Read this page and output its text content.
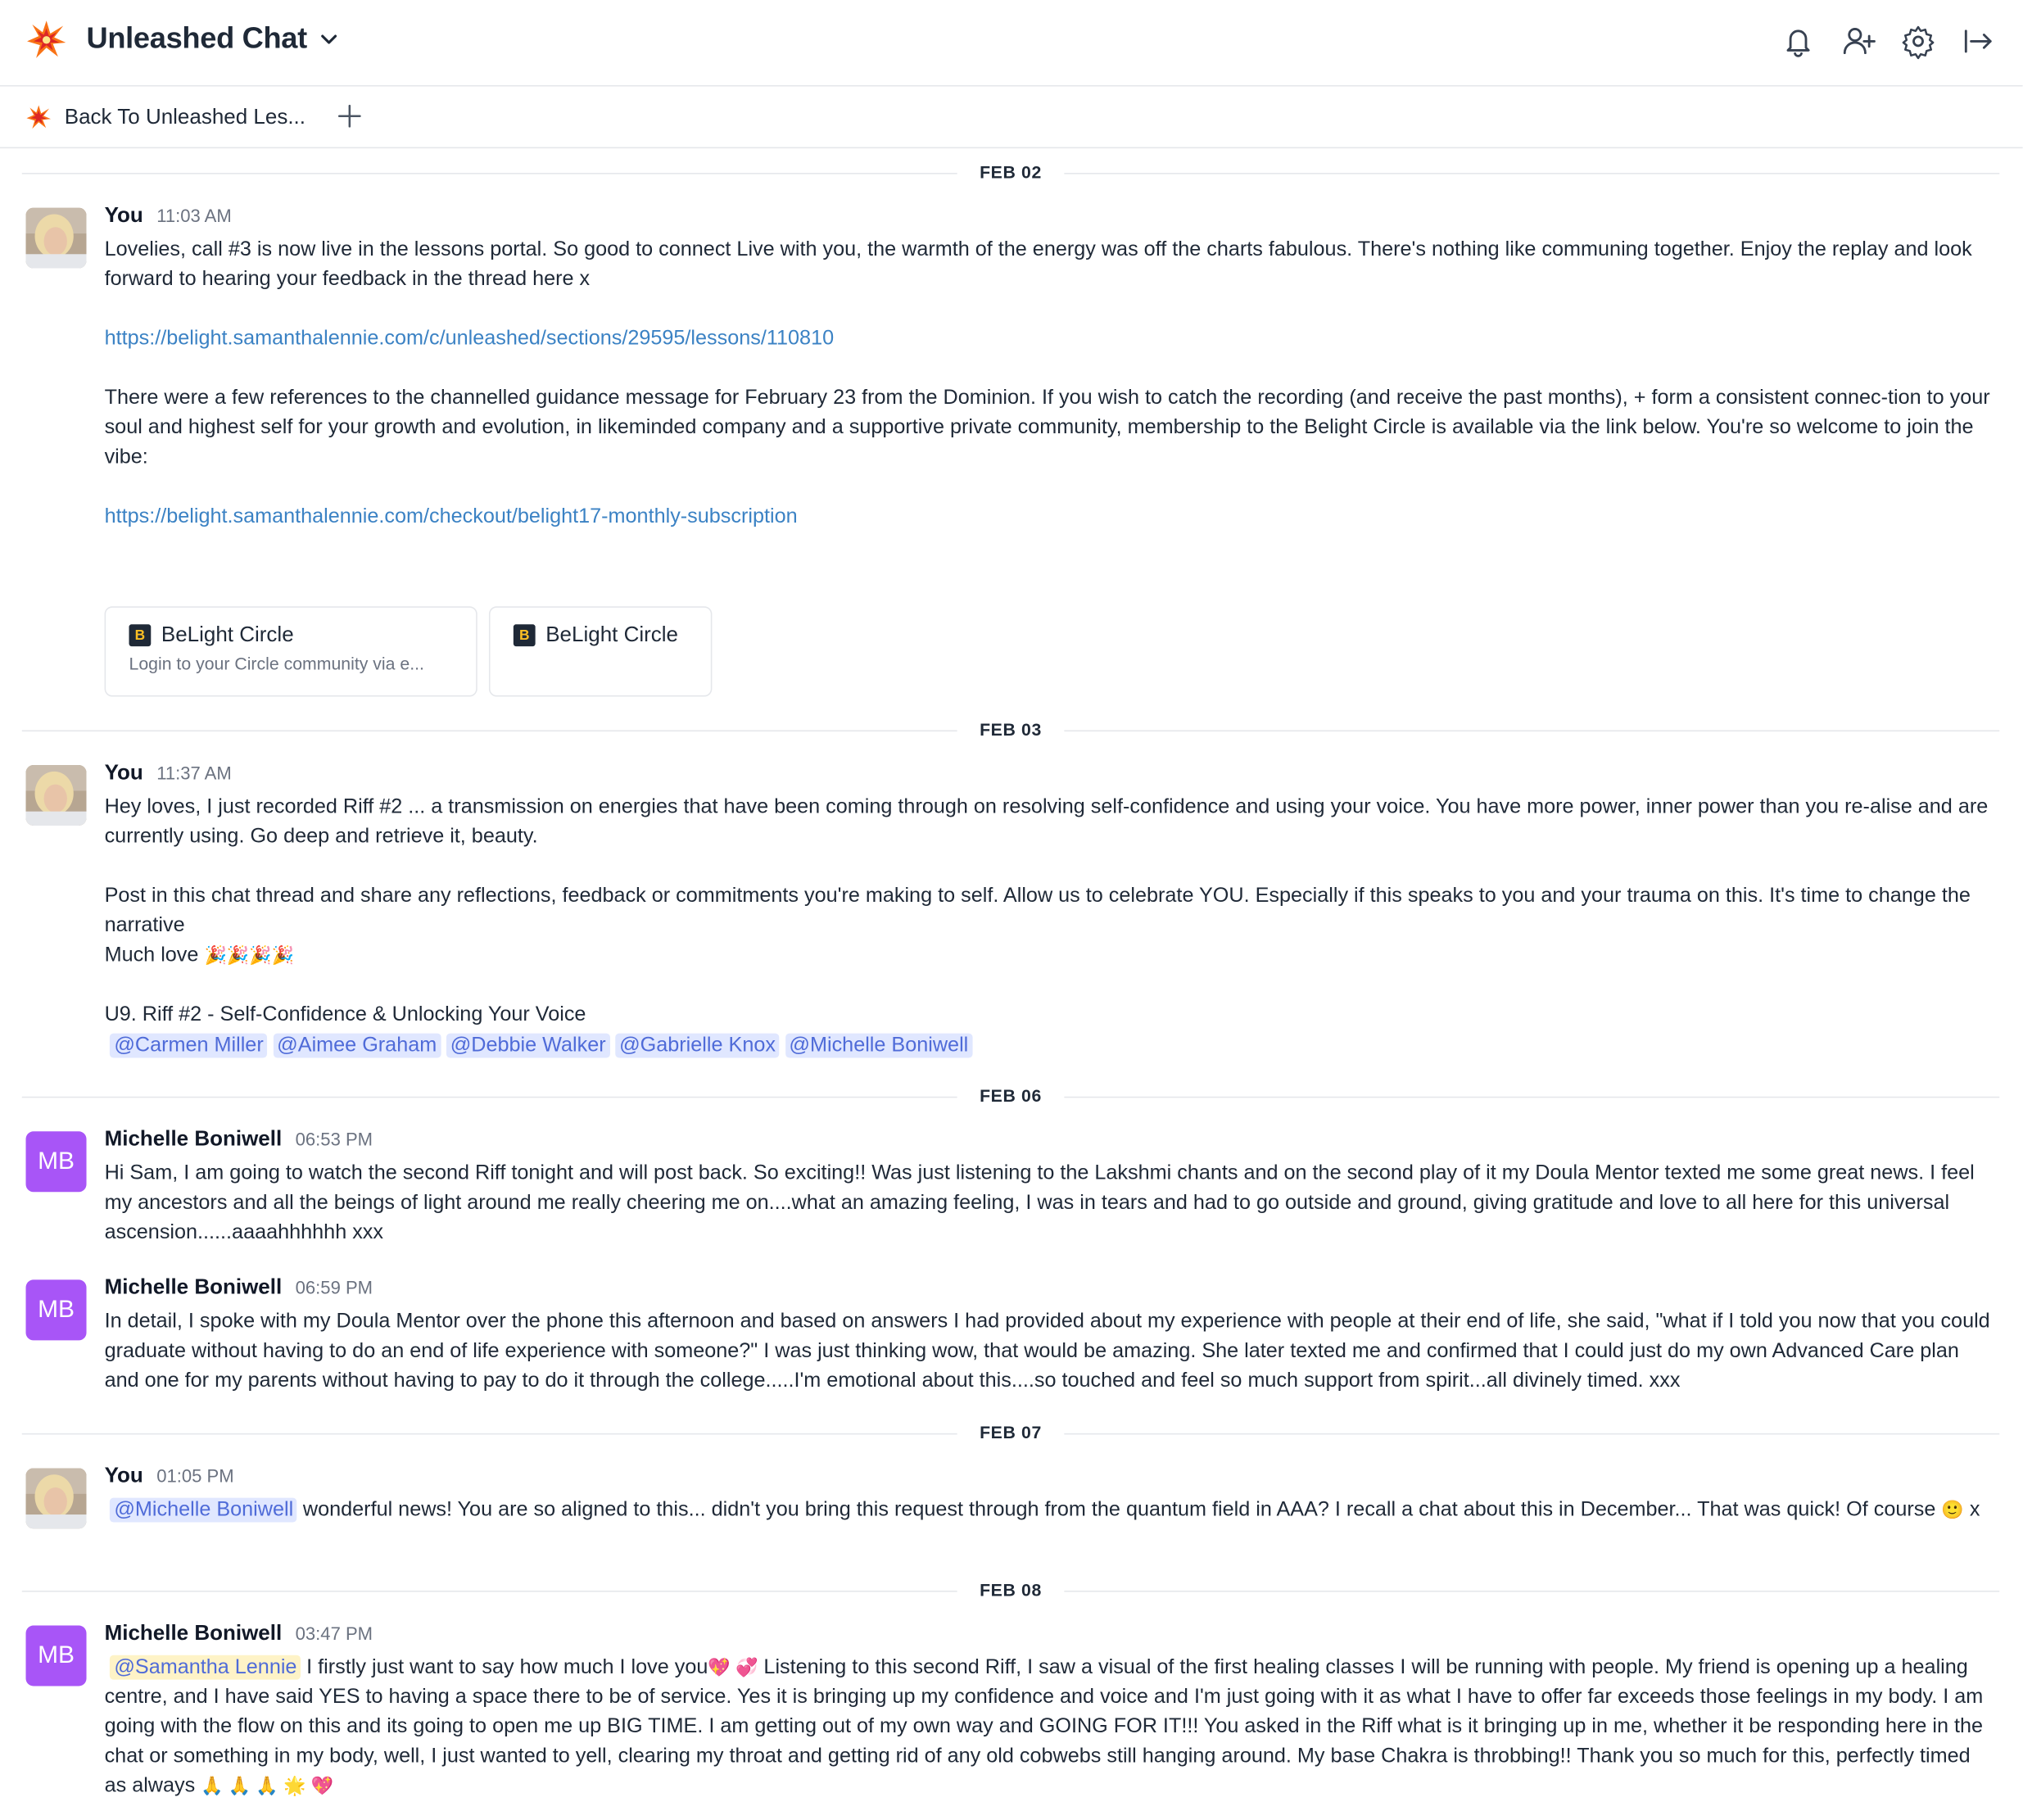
Unleashed Chat
Back To Unleashed Les...
FEB 02
You 11:03 AM

Lovelies, call #3 is now live in the lessons portal. So good to connect Live with you, the warmth of the energy was off the charts fabulous. There's nothing like communing together. Enjoy the replay and look forward to hearing your feedback in the thread here x

https://belight.samanthalennie.com/c/unleashed/sections/29595/lessons/110810

There were a few references to the channelled guidance message for February 23 from the Dominion. If you wish to catch the recording (and receive the past months), + form a consistent connec-tion to your soul and highest self for your growth and evolution, in likeminded company and a supportive private community, membership to the Belight Circle is available via the link below. You're so welcome to join the vibe:

https://belight.samanthalennie.com/checkout/belight17-monthly-subscription

B	BeLight Circle
Login to your Circle community via e...
B	BeLight Circle
FEB 03
You 11:37 AM

Hey loves, I just recorded Riff #2 ... a transmission on energies that have been coming through on resolving self-confidence and using your voice. You have more power, inner power than you re-alise and are currently using. Go deep and retrieve it, beauty.

Post in this chat thread and share any reflections, feedback or commitments you're making to self. Allow us to celebrate YOU. Especially if this speaks to you and your trauma on this. It's time to change the narrative

Much love 🎉🎉🎉🎉

U9. Riff #2 - Self-Confidence & Unlocking Your Voice

@Carmen Miller @Aimee Graham @Debbie Walker @Gabrielle Knox @Michelle Boniwell

FEB 06
MB
Michelle Boniwell 06:53 PM

Hi Sam, I am going to watch the second Riff tonight and will post back. So exciting!! Was just listening to the Lakshmi chants and on the second play of it my Doula Mentor texted me some great news. I feel my ancestors and all the beings of light around me really cheering me on....what an amazing feeling, I was in tears and had to go outside and ground, giving gratitude and love to all here for this universal ascension......aaaahhhhhh xxx

MB
Michelle Boniwell 06:59 PM

In detail, I spoke with my Doula Mentor over the phone this afternoon and based on answers I had provided about my experience with people at their end of life, she said, "what if I told you now that you could graduate without having to do an end of life experience with someone?" I was just thinking wow, that would be amazing. She later texted me and confirmed that I could just do my own Advanced Care plan and one for my parents without having to pay to do it through the college.....I'm emotional about this....so touched and feel so much support from spirit...all divinely timed. xxx

FEB 07
You 01:05 PM

@Michelle Boniwell wonderful news! You are so aligned to this... didn't you bring this request through from the quantum field in AAA? I recall a chat about this in December... That was quick! Of course 🙂 x

FEB 08
MB
Michelle Boniwell 03:47 PM

@Samantha Lennie I firstly just want to say how much I love you💖 💞 Listening to this second Riff, I saw a visual of the first healing classes I will be running with people. My friend is opening up a healing centre, and I have said YES to having a space there to be of service. Yes it is bringing up my confidence and voice and I'm just going with it as what I have to offer far exceeds those feelings in my body. I am going with the flow on this and its going to open me up BIG TIME. I am getting out of my own way and GOING FOR IT!!! You asked in the Riff what is it bringing up in me, whether it be responding here in the chat or something in my body, well, I just wanted to yell, clearing my throat and getting rid of any old cobwebs still hanging around. My base Chakra is throbbing!! Thank you so much for this, perfectly timed as always 🙏 🙏 🙏 🌟 💖
